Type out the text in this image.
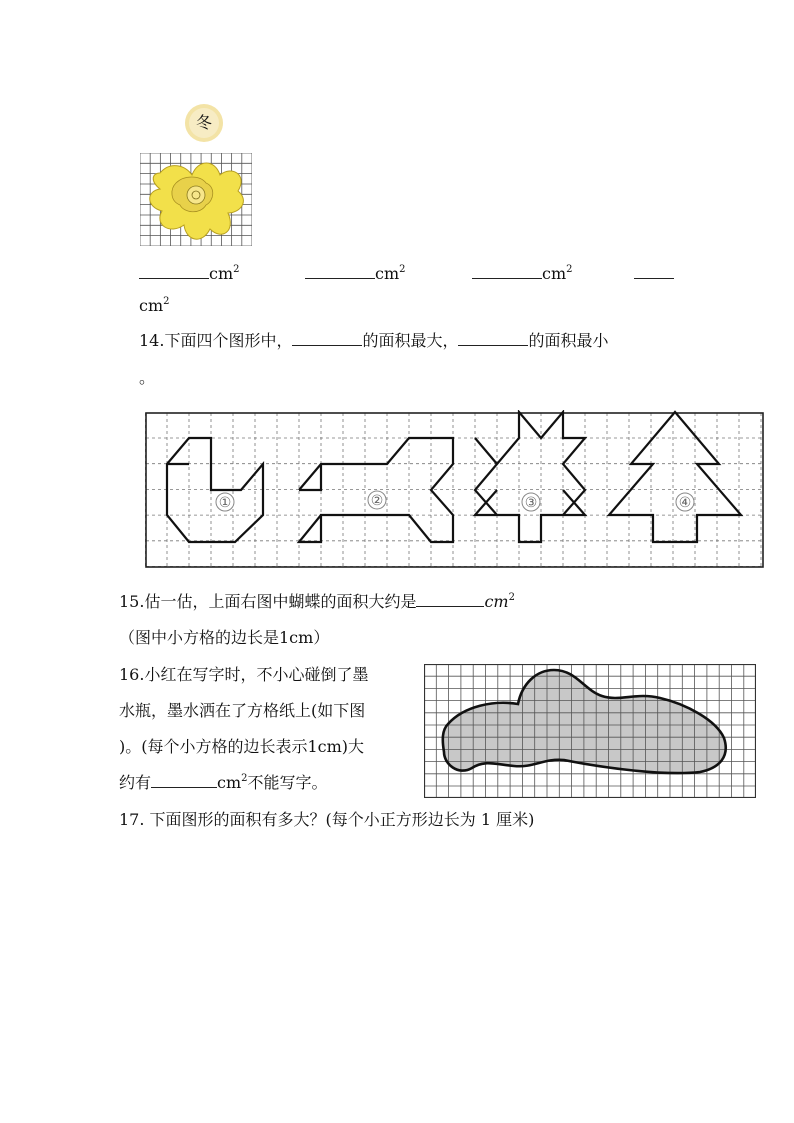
冬
$cm^2$	$cm^2$	$cm^2$
$cm^2$
14.下面四个图形中，	的面积最大，	的面积最小
。
①	②	③	④
15.估一估，上面右图中蝴蝶的面积大约是	$cm^2$
（图中小方格的边长是1cm）
16.小红在写字时，不小心碰倒了墨
水瓶，墨水洒在了方格纸上(如下图
)。(每个小方格的边长表示1cm)大
约有	$cm^2$不能写字。
17. 下面图形的面积有多大？(每个小正方形边长为 1 厘米)
